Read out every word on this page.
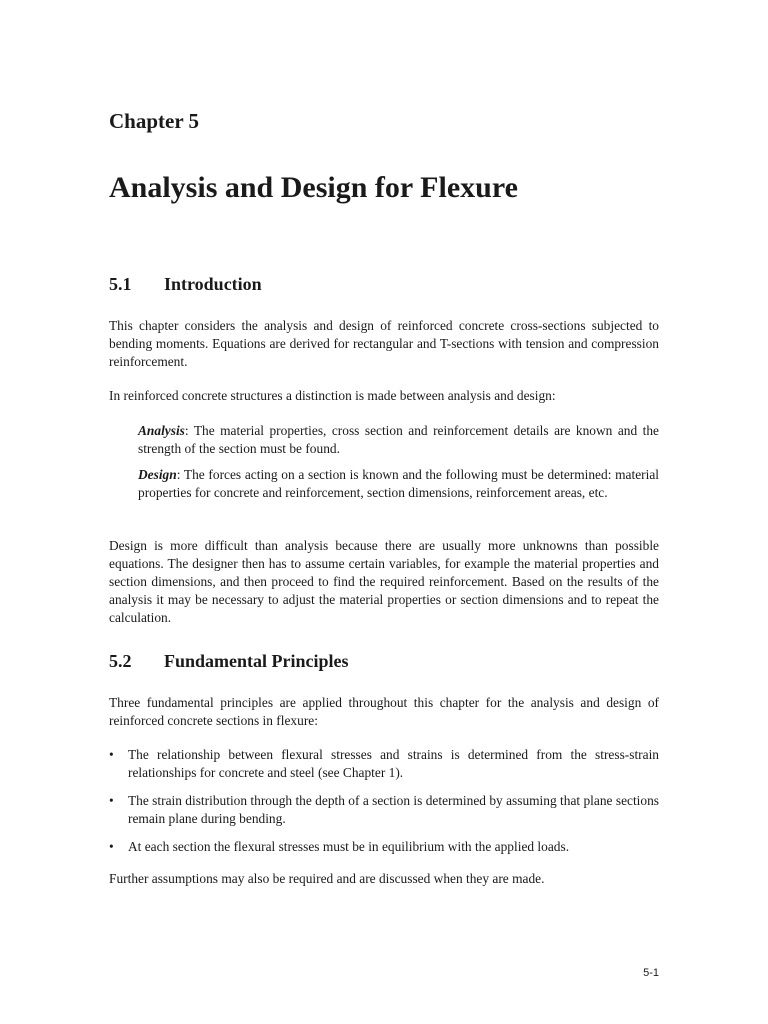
Chapter 5
Analysis and Design for Flexure
5.1 Introduction

This chapter considers the analysis and design of reinforced concrete cross-sections subjected to bending moments. Equations are derived for rectangular and T-sections with tension and compression reinforcement.

In reinforced concrete structures a distinction is made between analysis and design:

Analysis: The material properties, cross section and reinforcement details are known and the strength of the section must be found.

Design: The forces acting on a section is known and the following must be determined: material properties for concrete and reinforcement, section dimensions, reinforcement areas, etc.

Design is more difficult than analysis because there are usually more unknowns than possible equations. The designer then has to assume certain variables, for example the material properties and section dimensions, and then proceed to find the required reinforcement. Based on the results of the analysis it may be necessary to adjust the material properties or section dimensions and to repeat the calculation.

5.2 Fundamental Principles

Three fundamental principles are applied throughout this chapter for the analysis and design of reinforced concrete sections in flexure:

• The relationship between flexural stresses and strains is determined from the stress-strain relationships for concrete and steel (see Chapter 1).
• The strain distribution through the depth of a section is determined by assuming that plane sections remain plane during bending.
• At each section the flexural stresses must be in equilibrium with the applied loads.

Further assumptions may also be required and are discussed when they are made.

5-1
